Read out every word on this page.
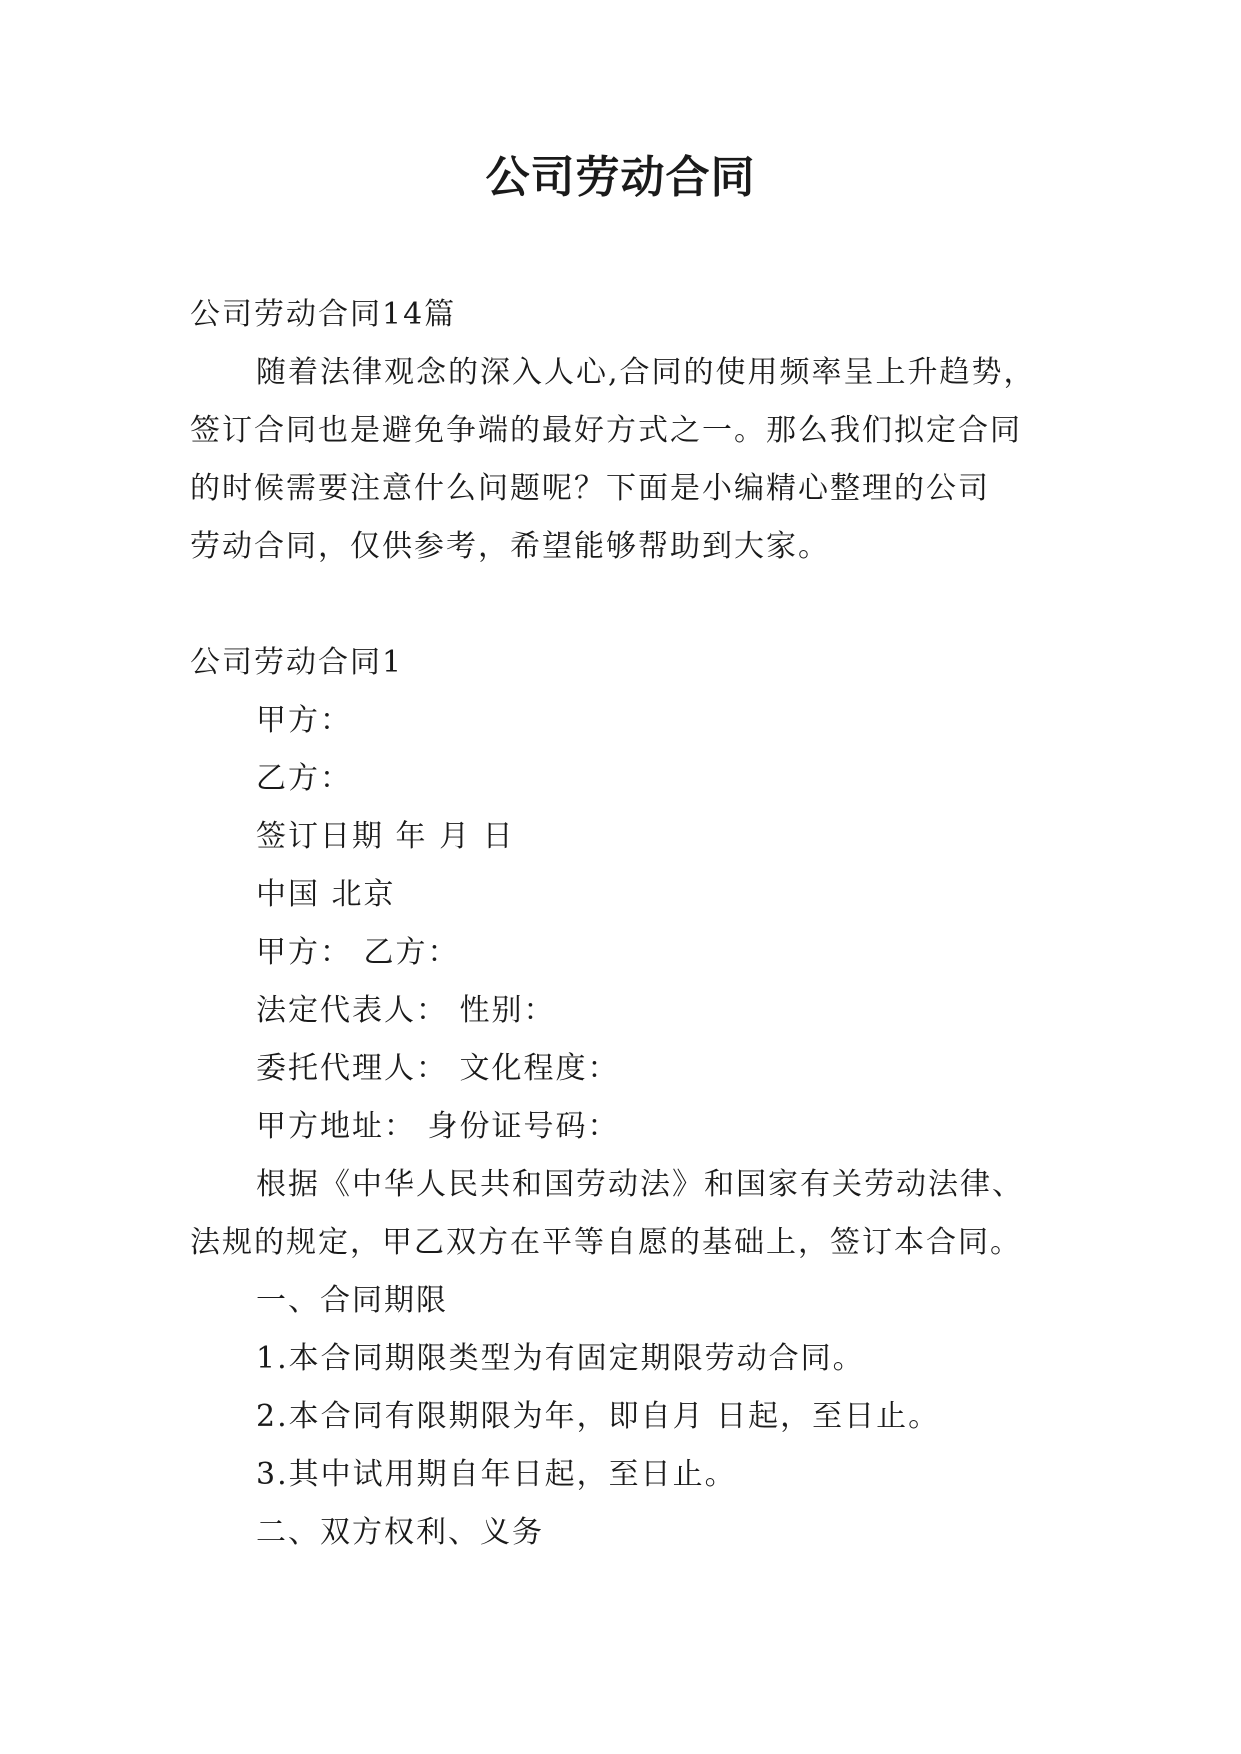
公司劳动合同
公司劳动合同14篇
随着法律观念的深入人心,合同的使用频率呈上升趋势，
签订合同也是避免争端的最好方式之一。那么我们拟定合同
的时候需要注意什么问题呢？下面是小编精心整理的公司
劳动合同，仅供参考，希望能够帮助到大家。
公司劳动合同1
甲方：
乙方：
签订日期 年 月 日
中国 北京
甲方： 乙方：
法定代表人： 性别：
委托代理人： 文化程度：
甲方地址： 身份证号码：
根据《中华人民共和国劳动法》和国家有关劳动法律、
法规的规定，甲乙双方在平等自愿的基础上，签订本合同。
一、合同期限
1.本合同期限类型为有固定期限劳动合同。
2.本合同有限期限为年，即自月 日起，至日止。
3.其中试用期自年日起，至日止。
二、双方权利、义务
